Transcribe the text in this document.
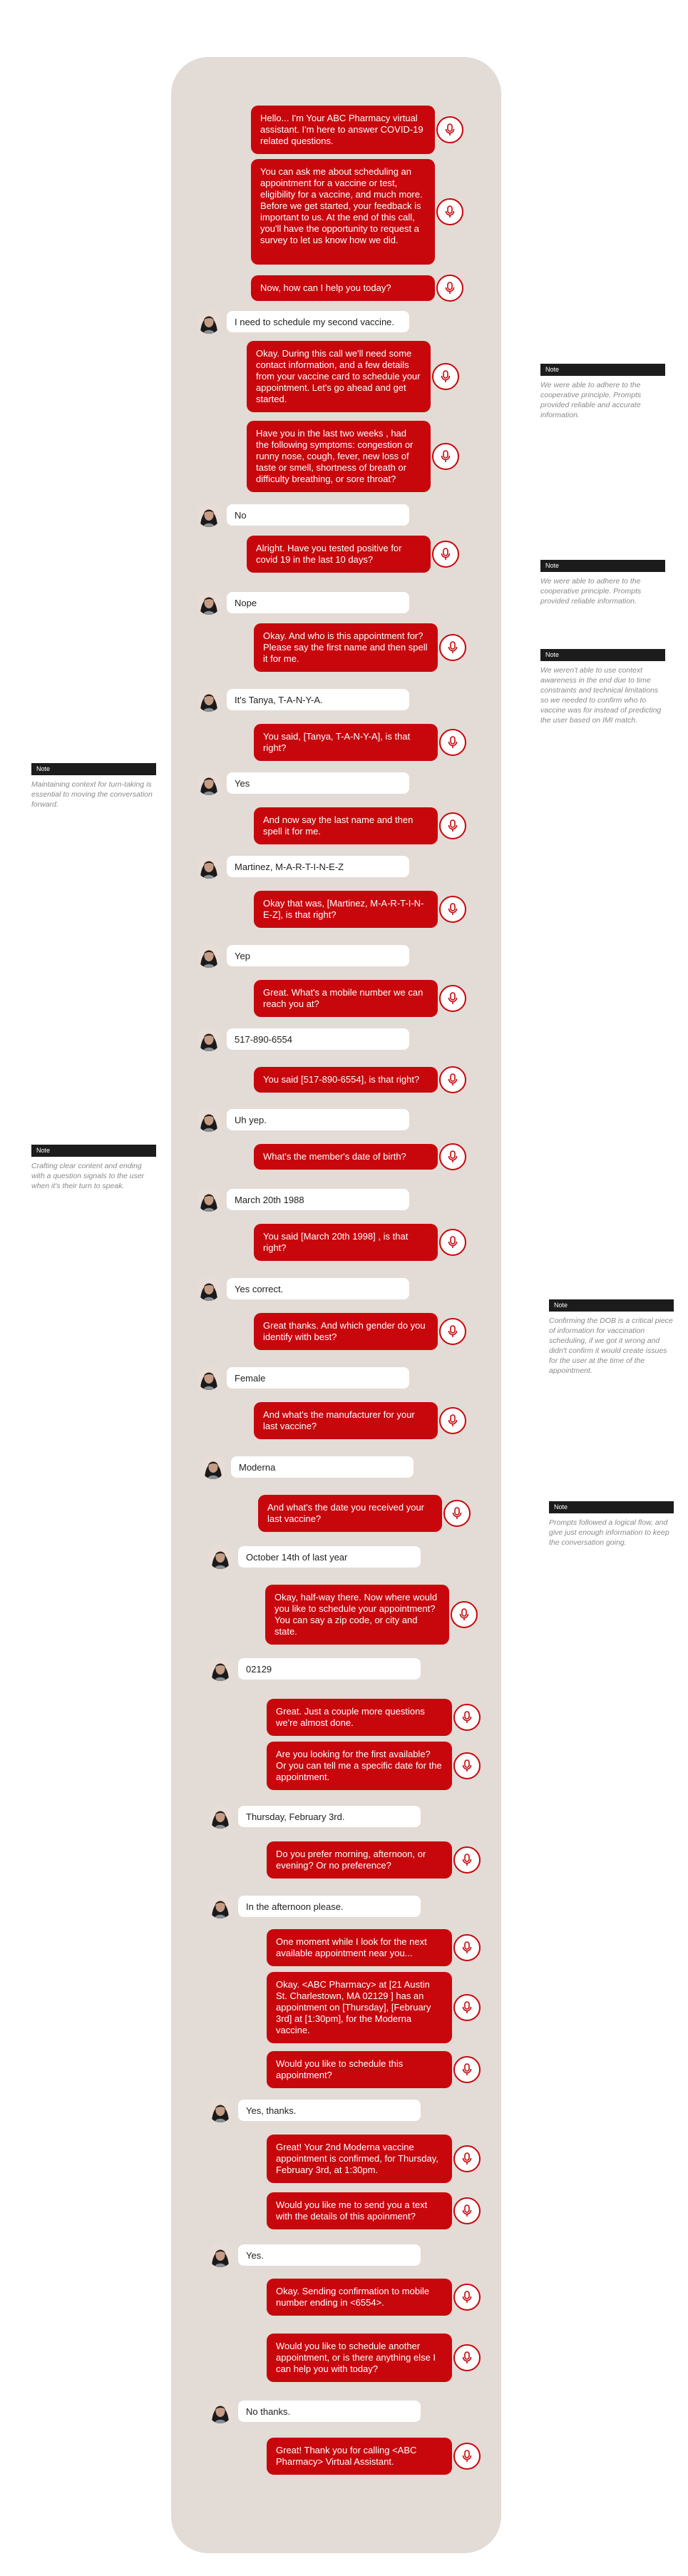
Hello... I'm Your ABC Pharmacy virtual assistant. I'm here to answer COVID-19 related questions.
You can ask me about scheduling an appointment for a vaccine or test, eligibility for a vaccine, and much more. Before we get started, your feedback is important to us. At the end of this call, you'll have the opportunity to request a survey to let us know how we did.
Now, how can I help you today?
I need to schedule my second vaccine.
Okay. During this call we'll need some contact information, and a few details from your vaccine card to schedule your appointment. Let's go ahead and get started.
Have you in the last two weeks , had the following symptoms: congestion or runny nose, cough, fever, new loss of taste or smell, shortness of breath or difficulty breathing, or sore throat?
No
Alright. Have you tested positive for covid 19 in the last 10 days?
Nope
Okay. And who is this appointment for? Please say the first name and then spell it for me.
It's Tanya, T-A-N-Y-A.
You said, [Tanya, T-A-N-Y-A], is that right?
Yes
And now say the last name and then spell it for me.
Martinez, M-A-R-T-I-N-E-Z
Okay that was, [Martinez, M-A-R-T-I-N-E-Z], is that right?
Yep
Great. What's a mobile number we can reach you at?
517-890-6554
You said [517-890-6554], is that right?
Uh yep.
What's the member's date of birth?
March 20th 1988
You said [March 20th 1998] , is that right?
Yes correct.
Great thanks. And which gender do you identify with best?
Female
And what's the manufacturer for your last vaccine?
Moderna
And what's the date you received your last vaccine?
October 14th of last year
Okay, half-way there. Now where would you like to schedule your appointment? You can say a zip code, or city and state.
02129
Great. Just a couple more questions we're almost done.
Are you looking for the first available? Or you can tell me a specific date for the appointment.
Thursday, February 3rd.
Do you prefer morning, afternoon, or evening? Or no preference?
In the afternoon please.
One moment while I look for the next available appointment near you...
Okay. <ABC Pharmacy> at [21 Austin St. Charlestown, MA 02129 ] has an appointment on [Thursday], [February 3rd] at [1:30pm], for the Moderna vaccine.
Would you like to schedule this appointment?
Yes, thanks.
Great! Your 2nd Moderna vaccine appointment is confirmed, for Thursday, February 3rd, at 1:30pm.
Would you like me to send you a text with the details of this apoinment?
Yes.
Okay. Sending confirmation to mobile number ending in <6554>.
Would you like to schedule another appointment, or is there anything else I can help you with today?
No thanks.
Great! Thank you for calling <ABC Pharmacy> Virtual Assistant.
Note
We were able to adhere to the cooperative principle. Prompts provided reliable and accurate information.
Note
We were able to adhere to the cooperative principle. Prompts provided reliable information.
Note
We weren't able to use context awareness in the end due to time constraints and technical limitations so we needed to confirm who to vaccine was for instead of predicting the user based on IMI match.
Note
Maintaining context for turn-taking is essential to moving the conversation forward.
Note
Crafting clear content and ending with a question signals to the user when it's their turn to speak.
Note
Confirming the DOB is a critical piece of information for vaccination scheduling, if we got it wrong and didn't confirm it would create issues for the user at the time of the appointment.
Note
Prompts followed a logical flow, and give just enough information to keep the conversation going.
